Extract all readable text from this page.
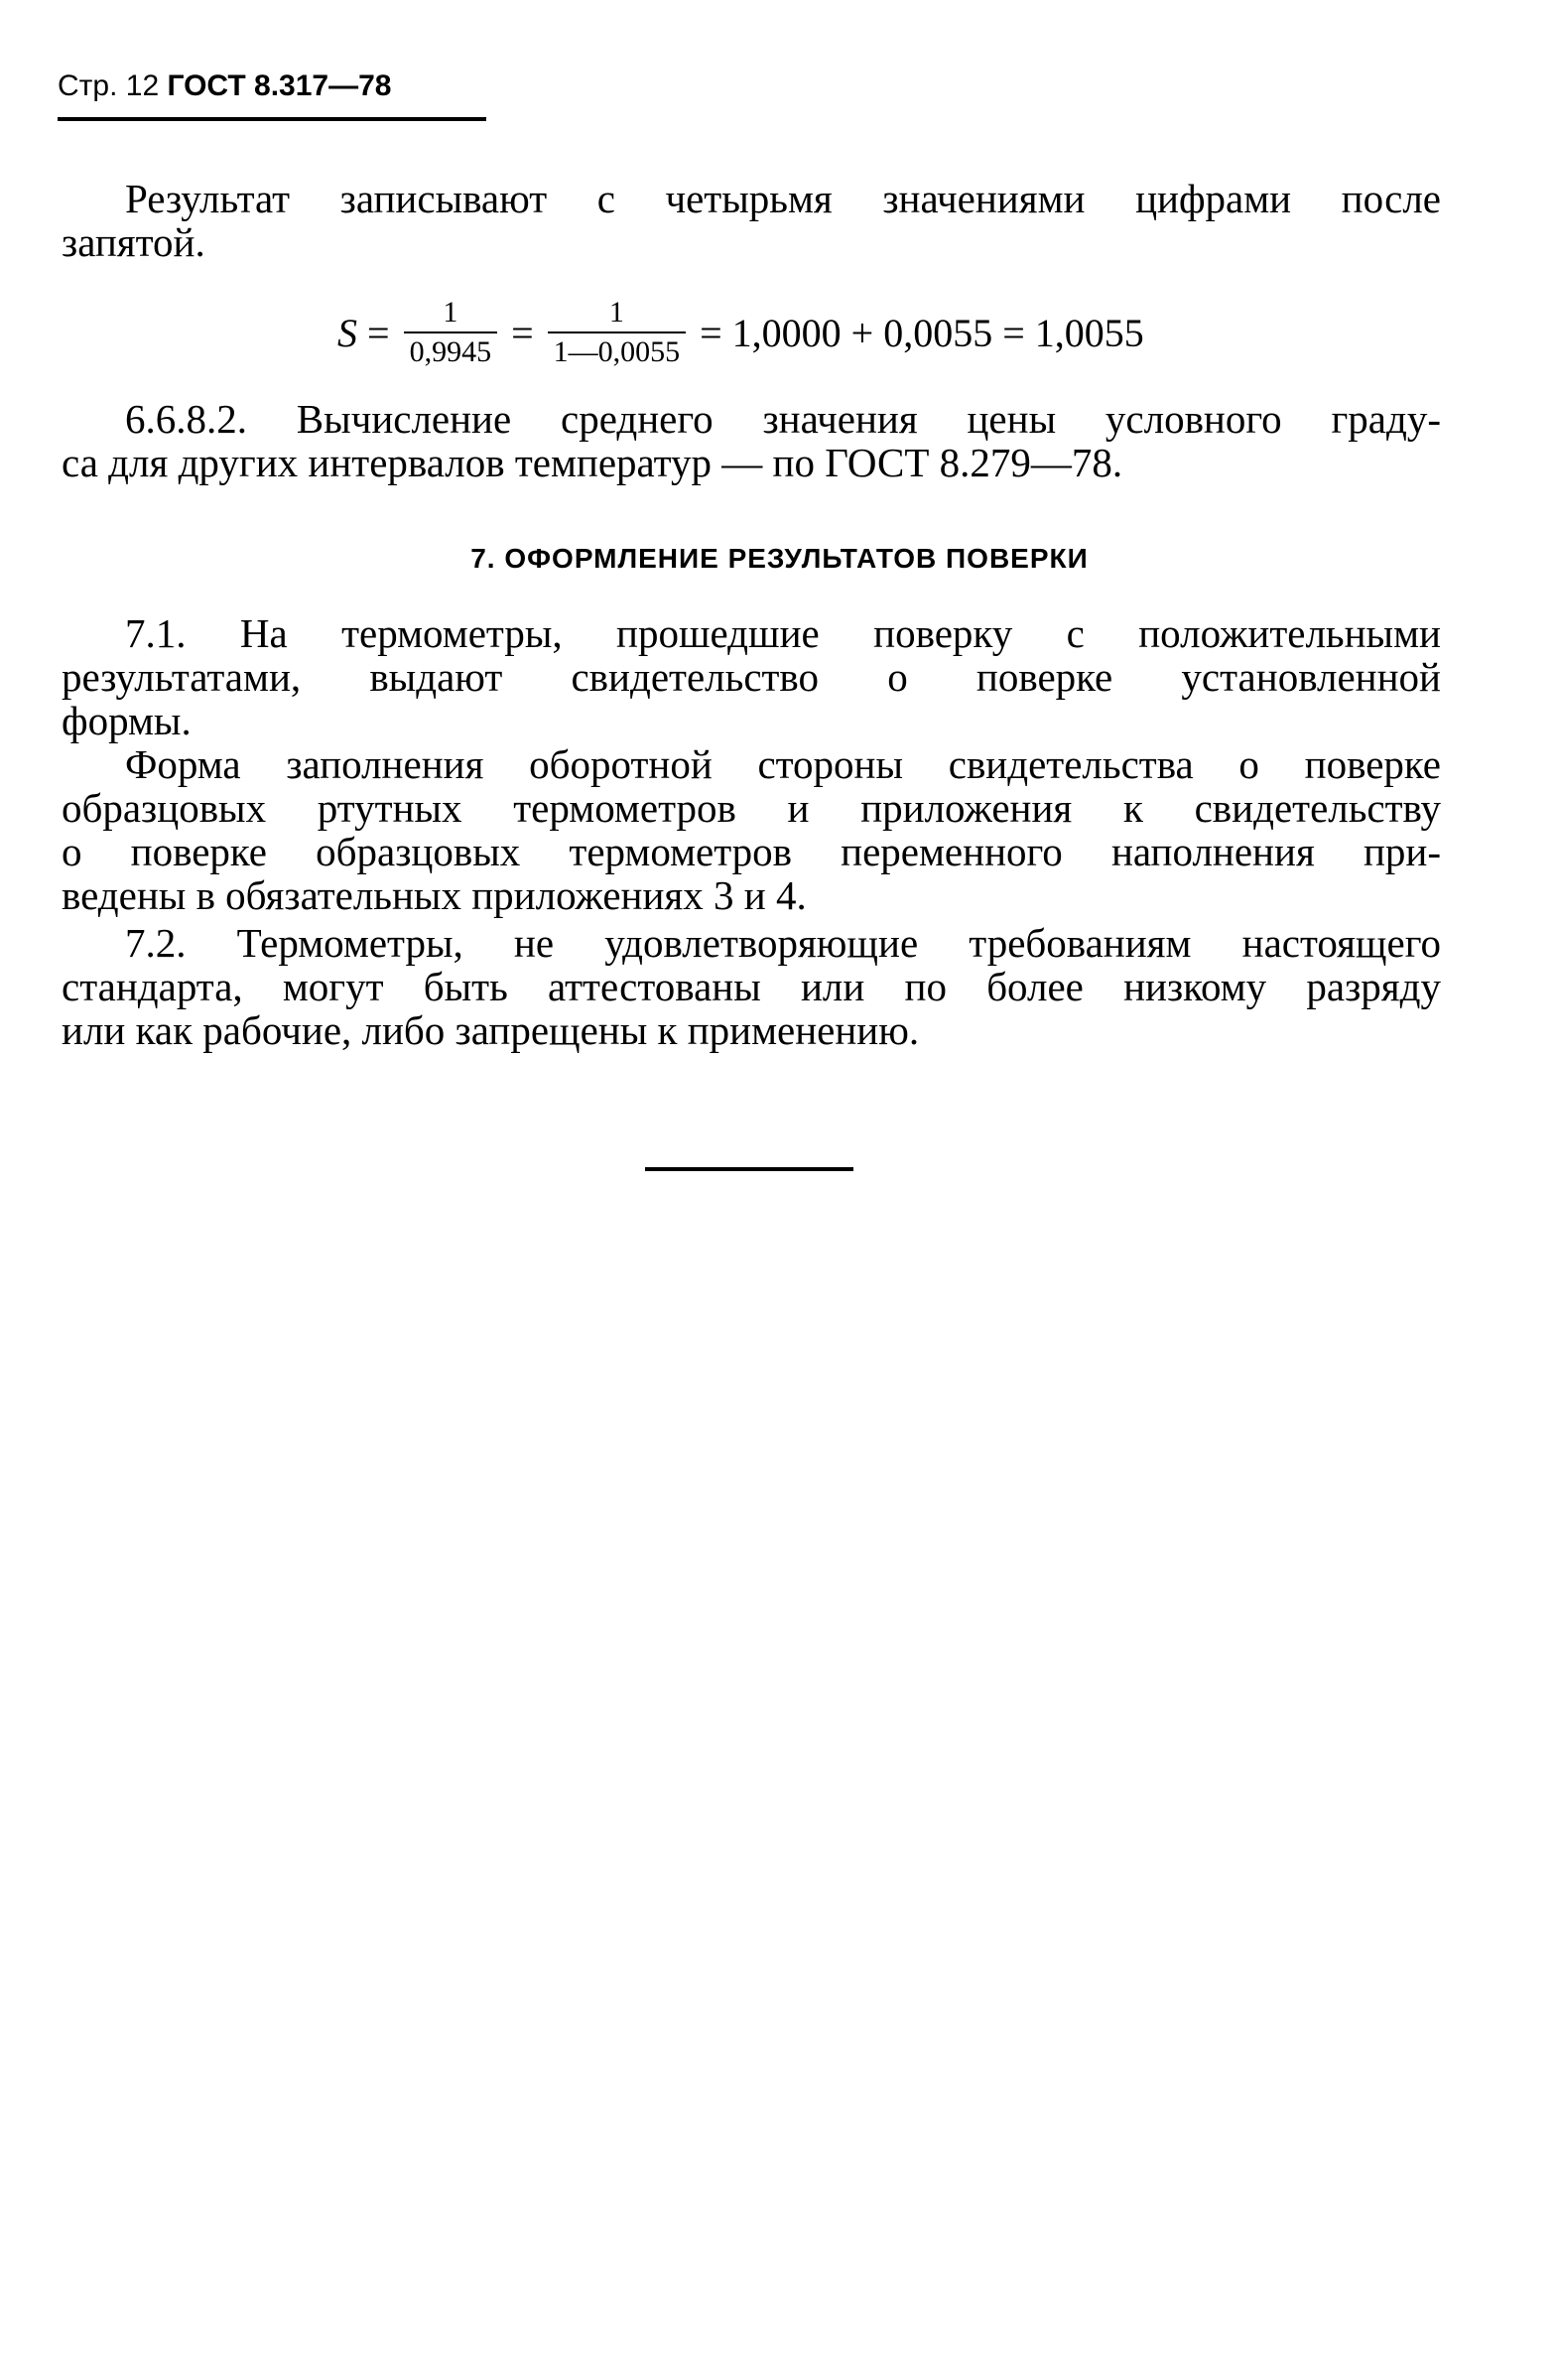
Стр. 12 ГОСТ 8.317—78

Результат записывают с четырьмя значениями цифрами после
запятой.

$S = \frac{1}{0,9945} = \frac{1}{1—0,0055} = 1,0000 + 0,0055 = 1,0055$

6.6.8.2. Вычисление среднего значения цены условного граду-
са для других интервалов температур — по ГОСТ 8.279—78.

7. ОФОРМЛЕНИЕ РЕЗУЛЬТАТОВ ПОВЕРКИ

7.1. На термометры, прошедшие поверку с положительными
результатами, выдают свидетельство о поверке установленной
формы.

Форма заполнения оборотной стороны свидетельства о поверке
образцовых ртутных термометров и приложения к свидетельству
о поверке образцовых термометров переменного наполнения при-
ведены в обязательных приложениях 3 и 4.

7.2. Термометры, не удовлетворяющие требованиям настоящего
стандарта, могут быть аттестованы или по более низкому разряду
или как рабочие, либо запрещены к применению.
